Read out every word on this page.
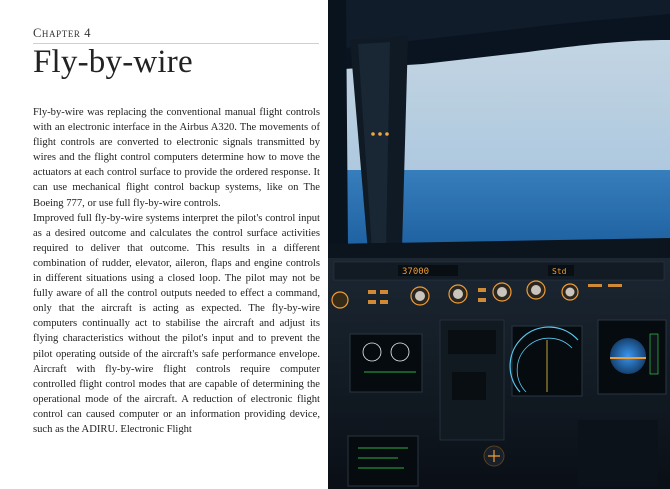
Chapter 4
Fly-by-wire

Fly-by-wire was replacing the conventional manual flight controls with an electronic interface in the Airbus A320. The movements of flight controls are converted to electronic signals transmitted by wires and the flight control computers determine how to move the actuators at each control surface to provide the ordered response. It can use mechanical flight control backup systems, like on The Boeing 777, or use full fly-by-wire controls.

Improved full fly-by-wire systems interpret the pilot's control input as a desired outcome and calculates the control surface activities required to deliver that outcome. This results in a different combination of rudder, elevator, aileron, flaps and engine controls in different situations using a closed loop. The pilot may not be fully aware of all the control outputs needed to effect a command, only that the aircraft is acting as expected. The fly-by-wire computers continually act to stabilise the aircraft and adjust its flying characteristics without the pilot's input and to prevent the pilot operating outside of the aircraft's safe performance envelope. Aircraft with fly-by-wire flight controls require computer controlled flight control modes that are capable of determining the operational mode of the aircraft. A reduction of electronic flight control can caused computer or an information providing device, such as the ADIRU. Electronic Flight

37000	Std
